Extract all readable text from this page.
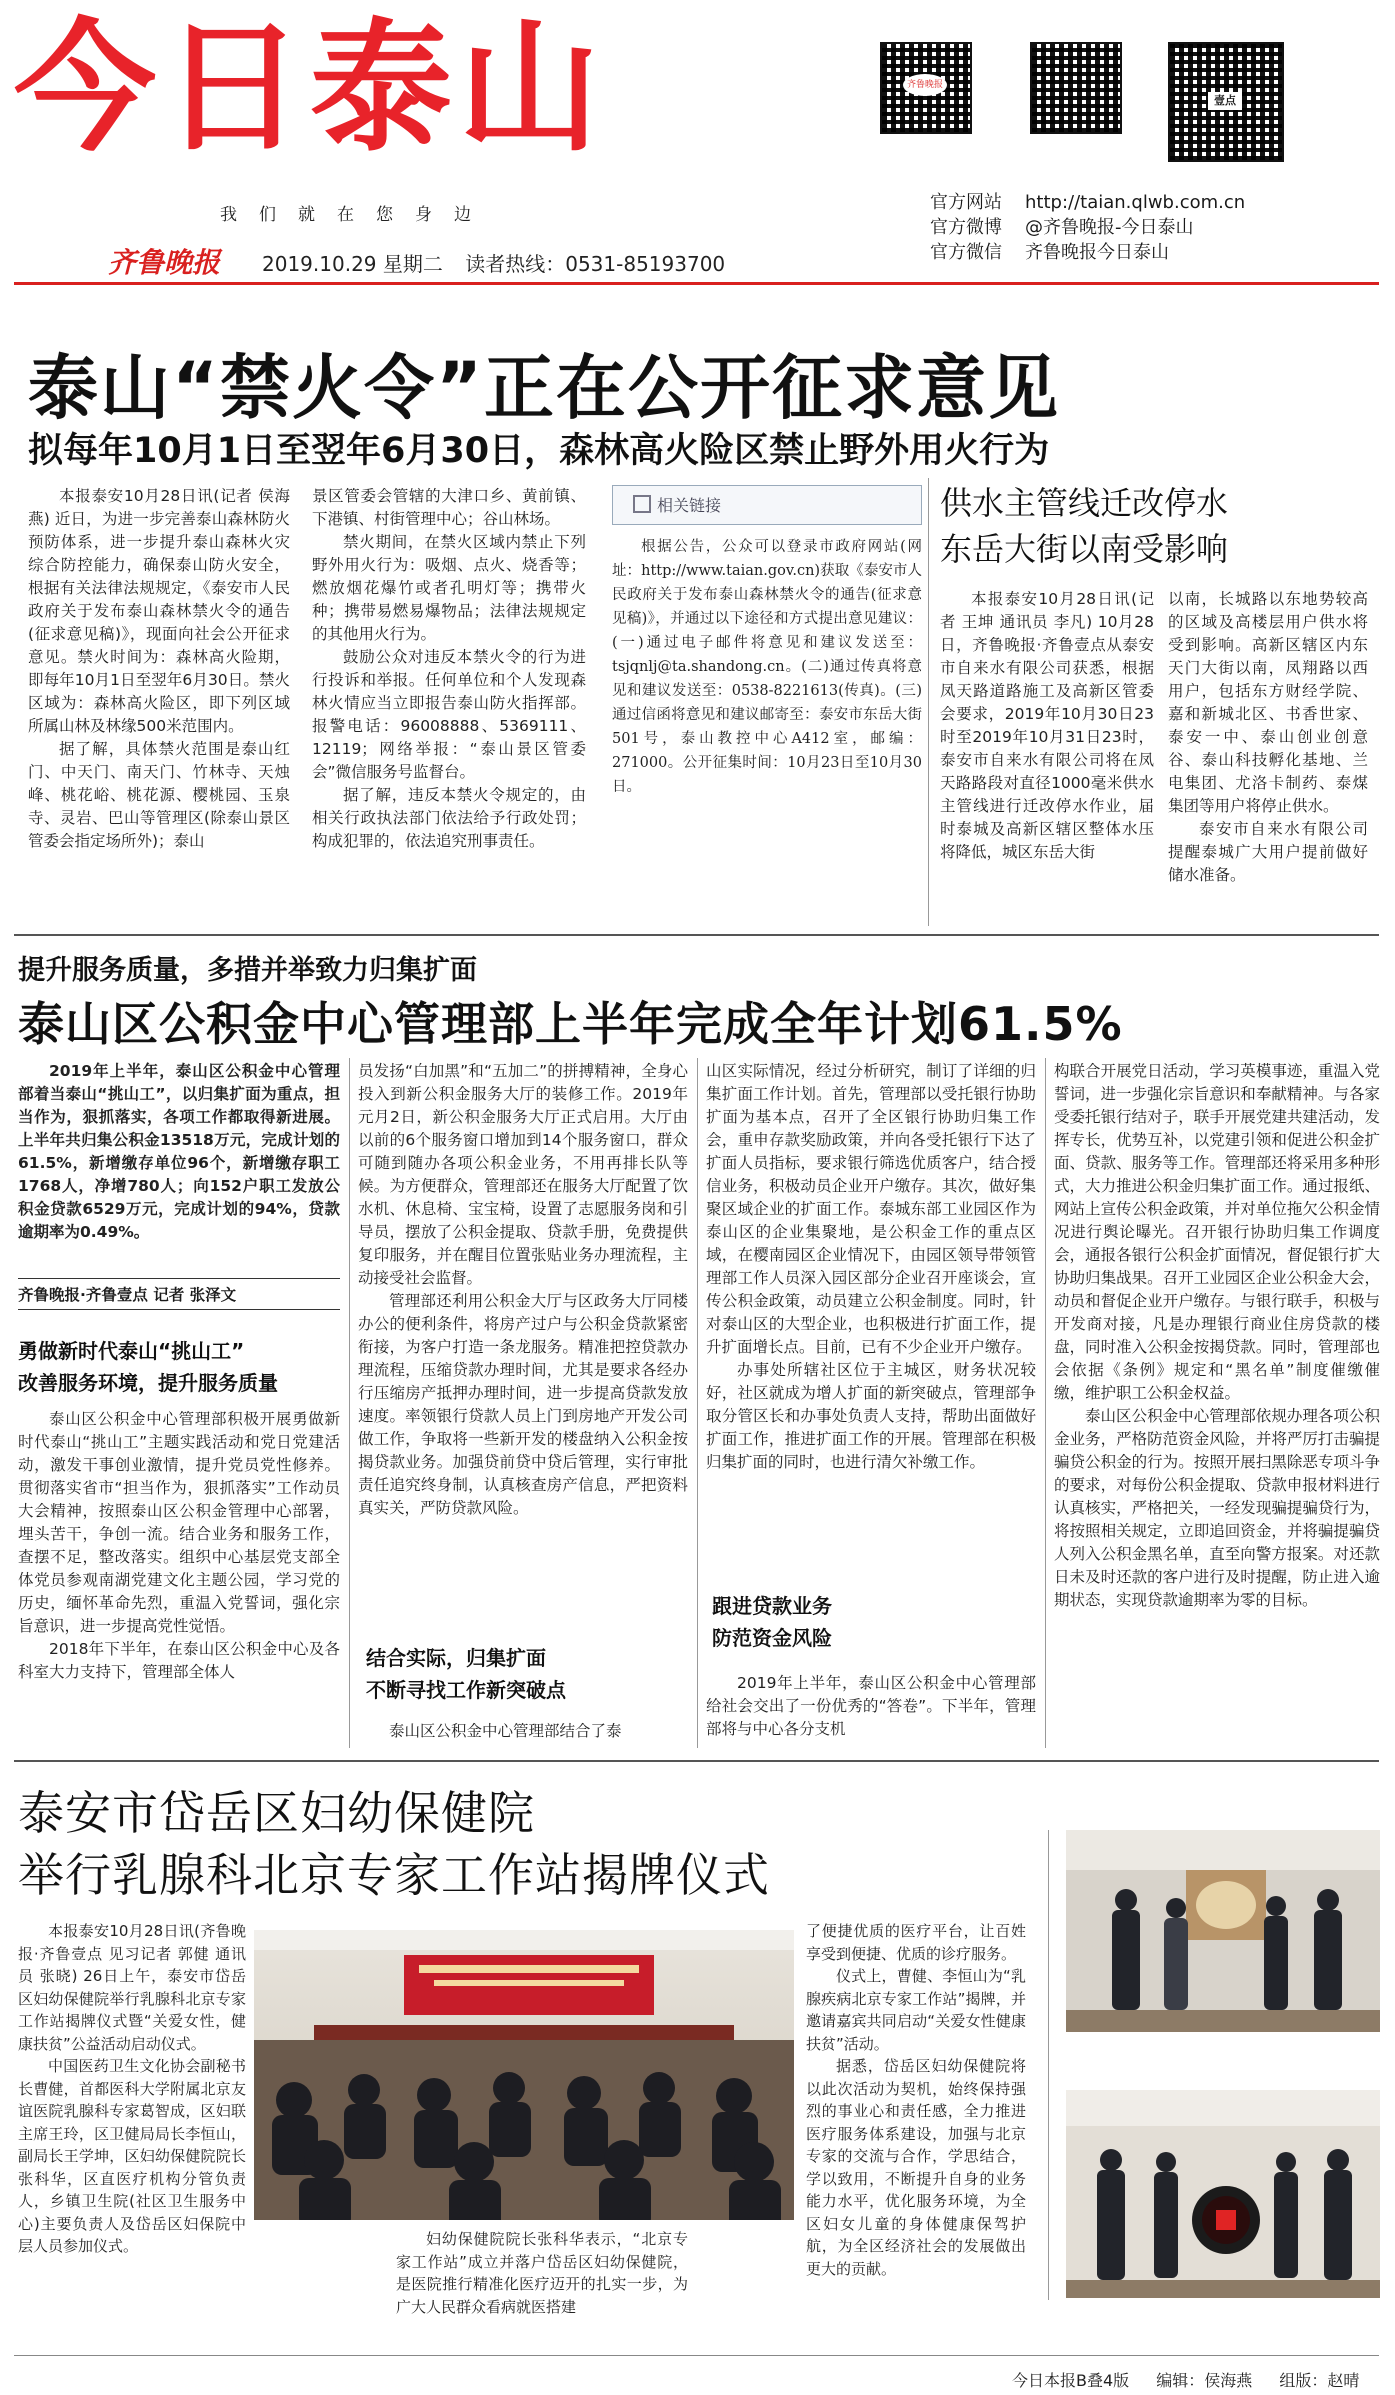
今日泰山
我们就在您身边
齐鲁晚报 2019.10.29 星期二 读者热线：0531-85193700
齐鲁晚报
壹点
官方网站 http://taian.qlwb.com.cn
官方微博 @齐鲁晚报-今日泰山
官方微信 齐鲁晚报今日泰山
泰山“禁火令”正在公开征求意见
拟每年10月1日至翌年6月30日，森林高火险区禁止野外用火行为

本报泰安10月28日讯(记者 侯海燕) 近日，为进一步完善泰山森林防火预防体系，进一步提升泰山森林火灾综合防控能力，确保泰山防火安全，根据有关法律法规规定，《泰安市人民政府关于发布泰山森林禁火令的通告(征求意见稿)》，现面向社会公开征求意见。禁火时间为：森林高火险期，即每年10月1日至翌年6月30日。禁火区域为：森林高火险区，即下列区域所属山林及林缘500米范围内。

据了解，具体禁火范围是泰山红门、中天门、南天门、竹林寺、天烛峰、桃花峪、桃花源、樱桃园、玉泉寺、灵岩、巴山等管理区(除泰山景区管委会指定场所外)；泰山

景区管委会管辖的大津口乡、黄前镇、下港镇、村街管理中心；谷山林场。

禁火期间，在禁火区域内禁止下列野外用火行为：吸烟、点火、烧香等；燃放烟花爆竹或者孔明灯等；携带火种；携带易燃易爆物品；法律法规规定的其他用火行为。

鼓励公众对违反本禁火令的行为进行投诉和举报。任何单位和个人发现森林火情应当立即报告泰山防火指挥部。报警电话：96008888、5369111、12119；网络举报：“泰山景区管委会”微信服务号监督台。

据了解，违反本禁火令规定的，由相关行政执法部门依法给予行政处罚；构成犯罪的，依法追究刑事责任。

相关链接

根据公告，公众可以登录市政府网站(网址：http://www.taian.gov.cn)获取《泰安市人民政府关于发布泰山森林禁火令的通告(征求意见稿)》，并通过以下途径和方式提出意见建议：(一)通过电子邮件将意见和建议发送至：tsjqnlj@ta.shandong.cn。(二)通过传真将意见和建议发送至：0538-8221613(传真)。(三)通过信函将意见和建议邮寄至：泰安市东岳大街501号，泰山教控中心A412室，邮编：271000。公开征集时间：10月23日至10月30日。

供水主管线迁改停水
东岳大街以南受影响

本报泰安10月28日讯(记者 王坤 通讯员 李凡) 10月28日，齐鲁晚报·齐鲁壹点从泰安市自来水有限公司获悉，根据凤天路道路施工及高新区管委会要求，2019年10月30日23时至2019年10月31日23时，泰安市自来水有限公司将在凤天路路段对直径1000毫米供水主管线进行迁改停水作业，届时泰城及高新区辖区整体水压将降低，城区东岳大街

以南，长城路以东地势较高的区域及高楼层用户供水将受到影响。高新区辖区内东天门大街以南，凤翔路以西用户，包括东方财经学院、嘉和新城北区、书香世家、泰安一中、泰山创业创意谷、泰山科技孵化基地、兰电集团、尤洛卡制药、泰煤集团等用户将停止供水。

泰安市自来水有限公司提醒泰城广大用户提前做好储水准备。

提升服务质量，多措并举致力归集扩面
泰山区公积金中心管理部上半年完成全年计划61.5%

2019年上半年，泰山区公积金中心管理部着当泰山“挑山工”，以归集扩面为重点，担当作为，狠抓落实，各项工作都取得新进展。上半年共归集公积金13518万元，完成计划的61.5%，新增缴存单位96个，新增缴存职工1768人，净增780人；向152户职工发放公积金贷款6529万元，完成计划的94%，贷款逾期率为0.49%。

齐鲁晚报·齐鲁壹点 记者 张泽文
勇做新时代泰山“挑山工”
改善服务环境，提升服务质量

泰山区公积金中心管理部积极开展勇做新时代泰山“挑山工”主题实践活动和党日党建活动，激发干事创业激情，提升党员党性修养。贯彻落实省市“担当作为，狠抓落实”工作动员大会精神，按照泰山区公积金管理中心部署，埋头苦干，争创一流。结合业务和服务工作，查摆不足，整改落实。组织中心基层党支部全体党员参观南湖党建文化主题公园，学习党的历史，缅怀革命先烈，重温入党誓词，强化宗旨意识，进一步提高党性觉悟。

2018年下半年，在泰山区公积金中心及各科室大力支持下，管理部全体人

员发扬“白加黑”和“五加二”的拼搏精神，全身心投入到新公积金服务大厅的装修工作。2019年元月2日，新公积金服务大厅正式启用。大厅由以前的6个服务窗口增加到14个服务窗口，群众可随到随办各项公积金业务，不用再排长队等候。为方便群众，管理部还在服务大厅配置了饮水机、休息椅、宝宝椅，设置了志愿服务岗和引导员，摆放了公积金提取、贷款手册，免费提供复印服务，并在醒目位置张贴业务办理流程，主动接受社会监督。

管理部还利用公积金大厅与区政务大厅同楼办公的便利条件，将房产过户与公积金贷款紧密衔接，为客户打造一条龙服务。精准把控贷款办理流程，压缩贷款办理时间，尤其是要求各经办行压缩房产抵押办理时间，进一步提高贷款发放速度。率领银行贷款人员上门到房地产开发公司做工作，争取将一些新开发的楼盘纳入公积金按揭贷款业务。加强贷前贷中贷后管理，实行审批责任追究终身制，认真核查房产信息，严把资料真实关，严防贷款风险。

结合实际，归集扩面
不断寻找工作新突破点

泰山区公积金中心管理部结合了泰

山区实际情况，经过分析研究，制订了详细的归集扩面工作计划。首先，管理部以受托银行协助扩面为基本点，召开了全区银行协助归集工作会，重申存款奖励政策，并向各受托银行下达了扩面人员指标，要求银行筛选优质客户，结合授信业务，积极动员企业开户缴存。其次，做好集聚区域企业的扩面工作。泰城东部工业园区作为泰山区的企业集聚地，是公积金工作的重点区域，在樱南园区企业情况下，由园区领导带领管理部工作人员深入园区部分企业召开座谈会，宣传公积金政策，动员建立公积金制度。同时，针对泰山区的大型企业，也积极进行扩面工作，提升扩面增长点。目前，已有不少企业开户缴存。

办事处所辖社区位于主城区，财务状况较好，社区就成为增人扩面的新突破点，管理部争取分管区长和办事处负责人支持，帮助出面做好扩面工作，推进扩面工作的开展。管理部在积极归集扩面的同时，也进行清欠补缴工作。

跟进贷款业务
防范资金风险

2019年上半年，泰山区公积金中心管理部给社会交出了一份优秀的“答卷”。下半年，管理部将与中心各分支机

构联合开展党日活动，学习英模事迹，重温入党誓词，进一步强化宗旨意识和奉献精神。与各家受委托银行结对子，联手开展党建共建活动，发挥专长，优势互补，以党建引领和促进公积金扩面、贷款、服务等工作。管理部还将采用多种形式，大力推进公积金归集扩面工作。通过报纸、网站上宣传公积金政策，并对单位拖欠公积金情况进行舆论曝光。召开银行协助归集工作调度会，通报各银行公积金扩面情况，督促银行扩大协助归集战果。召开工业园区企业公积金大会，动员和督促企业开户缴存。与银行联手，积极与开发商对接，凡是办理银行商业住房贷款的楼盘，同时准入公积金按揭贷款。同时，管理部也会依据《条例》规定和“黑名单”制度催缴催缴，维护职工公积金权益。

泰山区公积金中心管理部依规办理各项公积金业务，严格防范资金风险，并将严厉打击骗提骗贷公积金的行为。按照开展扫黑除恶专项斗争的要求，对每份公积金提取、贷款申报材料进行认真核实，严格把关，一经发现骗提骗贷行为，将按照相关规定，立即追回资金，并将骗提骗贷人列入公积金黑名单，直至向警方报案。对还款日未及时还款的客户进行及时提醒，防止进入逾期状态，实现贷款逾期率为零的目标。

泰安市岱岳区妇幼保健院
举行乳腺科北京专家工作站揭牌仪式

本报泰安10月28日讯(齐鲁晚报·齐鲁壹点 见习记者 郭健 通讯员 张晓) 26日上午，泰安市岱岳区妇幼保健院举行乳腺科北京专家工作站揭牌仪式暨“关爱女性，健康扶贫”公益活动启动仪式。

中国医药卫生文化协会副秘书长曹健，首都医科大学附属北京友谊医院乳腺科专家葛智成，区妇联主席王玲，区卫健局局长李恒山，副局长王学坤，区妇幼保健院院长张科华，区直医疗机构分管负责人，乡镇卫生院(社区卫生服务中心)主要负责人及岱岳区妇保院中层人员参加仪式。	妇幼保健院院长张科华表示，“北京专家工作站”成立并落户岱岳区妇幼保健院，是医院推行精准化医疗迈开的扎实一步，为广大人民群众看病就医搭建

了便捷优质的医疗平台，让百姓享受到便捷、优质的诊疗服务。

仪式上，曹健、李恒山为“乳腺疾病北京专家工作站”揭牌，并邀请嘉宾共同启动“关爱女性健康扶贫”活动。

据悉，岱岳区妇幼保健院将以此次活动为契机，始终保持强烈的事业心和责任感，全力推进医疗服务体系建设，加强与北京专家的交流与合作，学思结合，学以致用，不断提升自身的业务能力水平，优化服务环境，为全区妇女儿童的身体健康保驾护航，为全区经济社会的发展做出更大的贡献。

今日本报B叠4版 编辑：侯海燕 组版：赵晴
